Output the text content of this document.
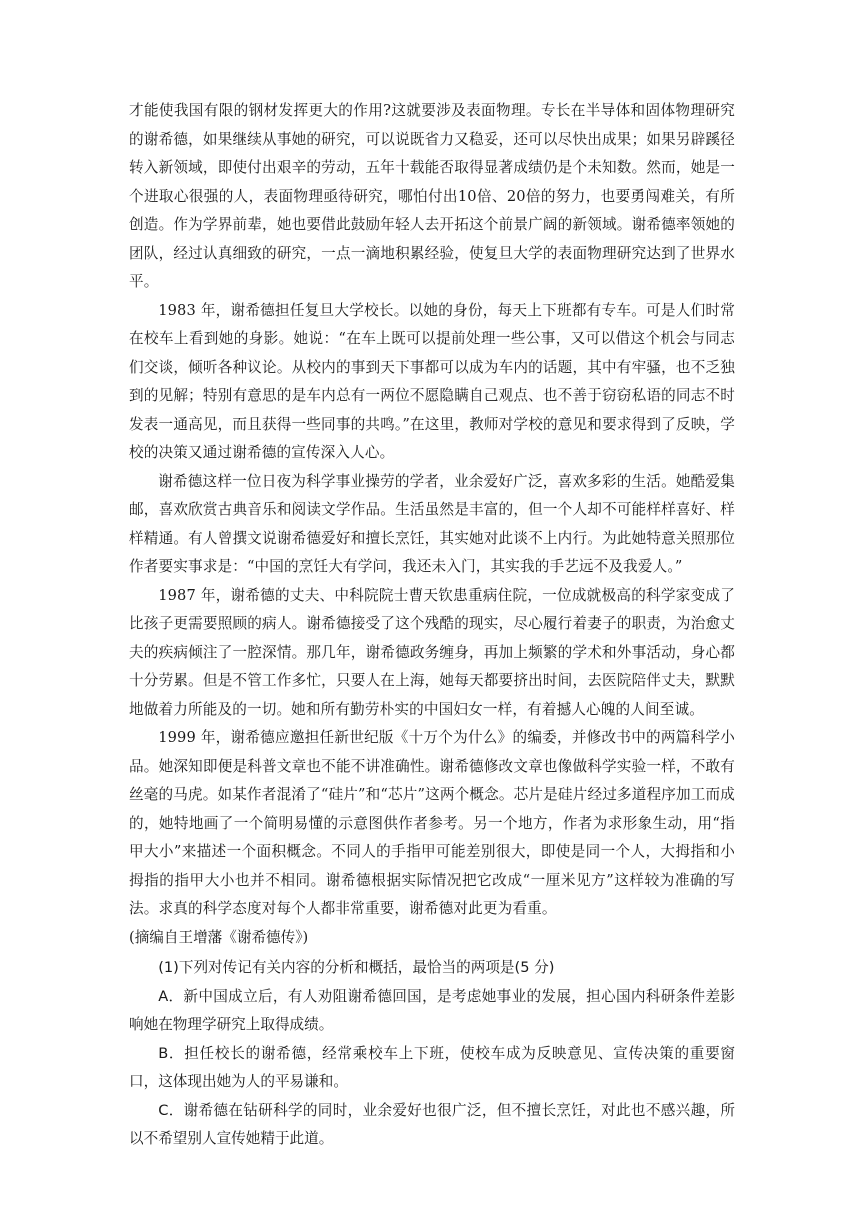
才能使我国有限的钢材发挥更大的作用?这就要涉及表面物理。专长在半导体和固体物理研究的谢希德，如果继续从事她的研究，可以说既省力又稳妥，还可以尽快出成果；如果另辟蹊径转入新领域，即使付出艰辛的劳动，五年十载能否取得显著成绩仍是个未知数。然而，她是一个进取心很强的人，表面物理亟待研究，哪怕付出10倍、20倍的努力，也要勇闯难关，有所创造。作为学界前辈，她也要借此鼓励年轻人去开拓这个前景广阔的新领域。谢希德率领她的团队，经过认真细致的研究，一点一滴地积累经验，使复旦大学的表面物理研究达到了世界水平。

1983 年，谢希德担任复旦大学校长。以她的身份，每天上下班都有专车。可是人们时常在校车上看到她的身影。她说：“在车上既可以提前处理一些公事，又可以借这个机会与同志们交谈，倾听各种议论。从校内的事到天下事都可以成为车内的话题，其中有牢骚，也不乏独到的见解；特别有意思的是车内总有一两位不愿隐瞒自己观点、也不善于窃窃私语的同志不时发表一通高见，而且获得一些同事的共鸣。”在这里，教师对学校的意见和要求得到了反映，学校的决策又通过谢希德的宣传深入人心。

谢希德这样一位日夜为科学事业操劳的学者，业余爱好广泛，喜欢多彩的生活。她酷爱集邮，喜欢欣赏古典音乐和阅读文学作品。生活虽然是丰富的，但一个人却不可能样样喜好、样样精通。有人曾撰文说谢希德爱好和擅长烹饪，其实她对此谈不上内行。为此她特意关照那位作者要实事求是：“中国的烹饪大有学问，我还未入门，其实我的手艺远不及我爱人。”

1987 年，谢希德的丈夫、中科院院士曹天钦患重病住院，一位成就极高的科学家变成了比孩子更需要照顾的病人。谢希德接受了这个残酷的现实，尽心履行着妻子的职责，为治愈丈夫的疾病倾注了一腔深情。那几年，谢希德政务缠身，再加上频繁的学术和外事活动，身心都十分劳累。但是不管工作多忙，只要人在上海，她每天都要挤出时间，去医院陪伴丈夫，默默地做着力所能及的一切。她和所有勤劳朴实的中国妇女一样，有着撼人心魄的人间至诚。

1999 年，谢希德应邀担任新世纪版《十万个为什么》的编委，并修改书中的两篇科学小品。她深知即便是科普文章也不能不讲准确性。谢希德修改文章也像做科学实验一样，不敢有丝毫的马虎。如某作者混淆了“硅片”和“芯片”这两个概念。芯片是硅片经过多道程序加工而成的，她特地画了一个简明易懂的示意图供作者参考。另一个地方，作者为求形象生动，用“指甲大小”来描述一个面积概念。不同人的手指甲可能差别很大，即使是同一个人，大拇指和小拇指的指甲大小也并不相同。谢希德根据实际情况把它改成“一厘米见方”这样较为准确的写法。求真的科学态度对每个人都非常重要，谢希德对此更为看重。

(摘编自王增藩《谢希德传》)

(1)下列对传记有关内容的分析和概括，最恰当的两项是(5 分)

A．新中国成立后，有人劝阻谢希德回国，是考虑她事业的发展，担心国内科研条件差影响她在物理学研究上取得成绩。

B．担任校长的谢希德，经常乘校车上下班，使校车成为反映意见、宣传决策的重要窗口，这体现出她为人的平易谦和。

C．谢希德在钻研科学的同时，业余爱好也很广泛，但不擅长烹饪，对此也不感兴趣，所以不希望别人宣传她精于此道。
